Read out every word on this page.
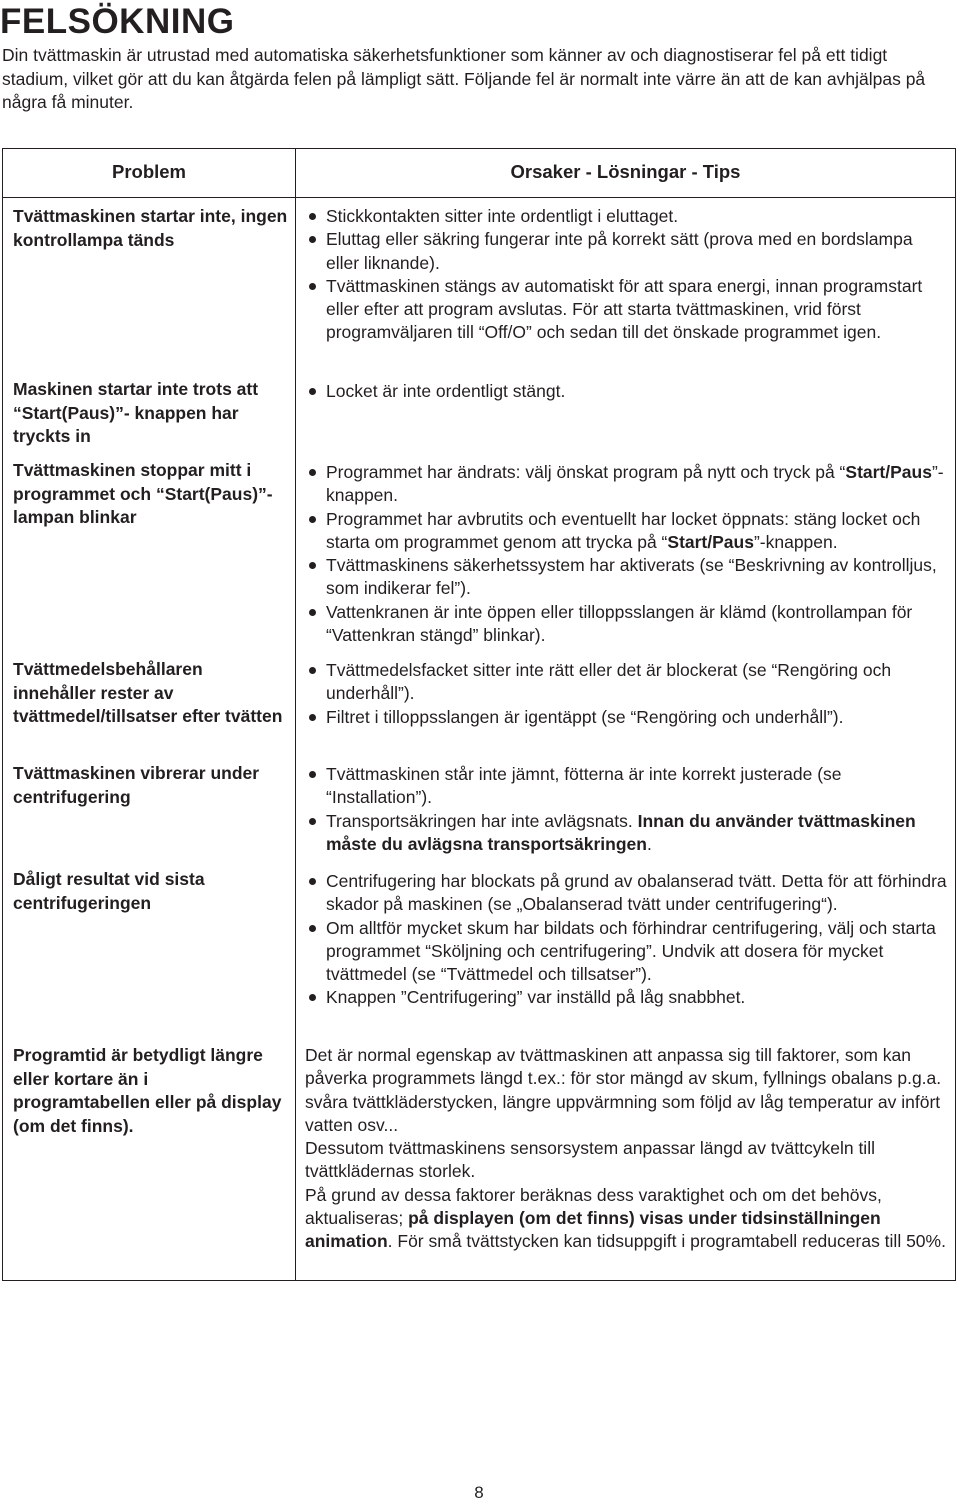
FELSÖKNING
Din tvättmaskin är utrustad med automatiska säkerhetsfunktioner som känner av och diagnostiserar fel på ett tidigt stadium, vilket gör att du kan åtgärda felen på lämpligt sätt. Följande fel är normalt inte värre än att de kan avhjälpas på några få minuter.
Problem	Orsaker - Lösningar - Tips
Tvättmaskinen startar inte, ingen kontrollampa tänds
Stickkontakten sitter inte ordentligt i eluttaget.
Eluttag eller säkring fungerar inte på korrekt sätt (prova med en bordslampa eller liknande).
Tvättmaskinen stängs av automatiskt för att spara energi, innan programstart eller efter att program avslutas. För att starta tvättmaskinen, vrid först programväljaren till “Off/O” och sedan till det önskade programmet igen.
Maskinen startar inte trots att “Start(Paus)”- knappen har tryckts in
Locket är inte ordentligt stängt.
Tvättmaskinen stoppar mitt i programmet och “Start(Paus)”-lampan blinkar
Programmet har ändrats: välj önskat program på nytt och tryck på “Start/Paus”-knappen.
Programmet har avbrutits och eventuellt har locket öppnats: stäng locket och starta om programmet genom att trycka på “Start/Paus”-knappen.
Tvättmaskinens säkerhetssystem har aktiverats (se “Beskrivning av kontrolljus, som indikerar fel”).
Vattenkranen är inte öppen eller tilloppsslangen är klämd (kontrollampan för “Vattenkran stängd” blinkar).
Tvättmedelsbehållaren innehåller rester av tvättmedel/tillsatser efter tvätten
Tvättmedelsfacket sitter inte rätt eller det är blockerat (se “Rengöring och underhåll”).
Filtret i tilloppsslangen är igentäppt (se “Rengöring och underhåll”).
Tvättmaskinen vibrerar under centrifugering
Tvättmaskinen står inte jämnt, fötterna är inte korrekt justerade (se “Installation”).
Transportsäkringen har inte avlägsnats. Innan du använder tvättmaskinen måste du avlägsna transportsäkringen.
Dåligt resultat vid sista centrifugeringen
Centrifugering har blockats på grund av obalanserad tvätt. Detta för att förhindra skador på maskinen (se „Obalanserad tvätt under centrifugering“).
Om alltför mycket skum har bildats och förhindrar centrifugering, välj och starta programmet “Sköljning och centrifugering”. Undvik att dosera för mycket tvättmedel (se “Tvättmedel och tillsatser”).
Knappen ”Centrifugering” var inställd på låg snabbhet.
Programtid är betydligt längre eller kortare än i programtabellen eller på display (om det finns).

Det är normal egenskap av tvättmaskinen att anpassa sig till faktorer, som kan påverka programmets längd t.ex.: för stor mängd av skum, fyllnings obalans p.g.a. svåra tvättkläderstycken, längre uppvärmning som följd av låg temperatur av infört vatten osv...

Dessutom tvättmaskinens sensorsystem anpassar längd av tvättcykeln till tvättklädernas storlek.

På grund av dessa faktorer beräknas dess varaktighet och om det behövs, aktualiseras; på displayen (om det finns) visas under tidsinställningen animation. För små tvättstycken kan tidsuppgift i programtabell reduceras till 50%.

8
